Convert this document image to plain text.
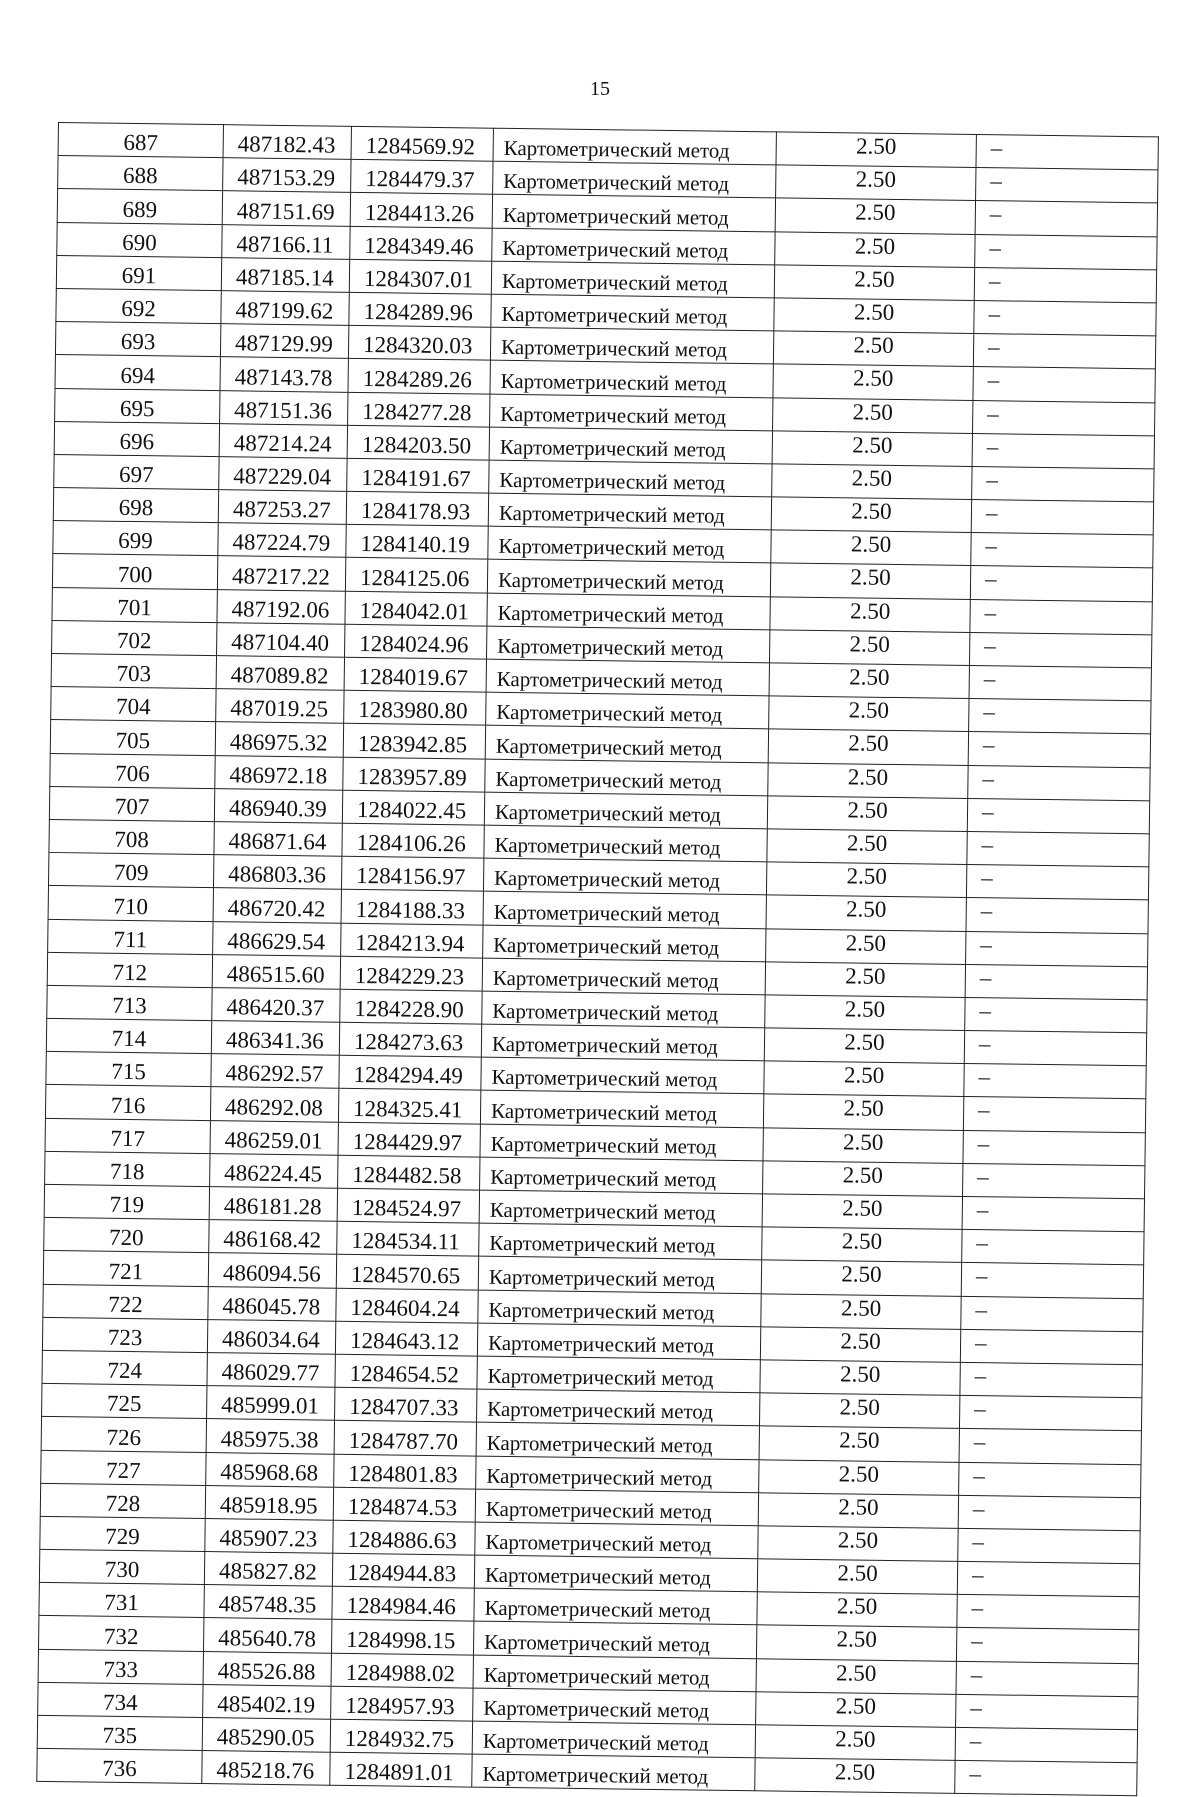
15
687	487182.43	1284569.92	Картометрический метод	2.50	–
688	487153.29	1284479.37	Картометрический метод	2.50	–
689	487151.69	1284413.26	Картометрический метод	2.50	–
690	487166.11	1284349.46	Картометрический метод	2.50	–
691	487185.14	1284307.01	Картометрический метод	2.50	–
692	487199.62	1284289.96	Картометрический метод	2.50	–
693	487129.99	1284320.03	Картометрический метод	2.50	–
694	487143.78	1284289.26	Картометрический метод	2.50	–
695	487151.36	1284277.28	Картометрический метод	2.50	–
696	487214.24	1284203.50	Картометрический метод	2.50	–
697	487229.04	1284191.67	Картометрический метод	2.50	–
698	487253.27	1284178.93	Картометрический метод	2.50	–
699	487224.79	1284140.19	Картометрический метод	2.50	–
700	487217.22	1284125.06	Картометрический метод	2.50	–
701	487192.06	1284042.01	Картометрический метод	2.50	–
702	487104.40	1284024.96	Картометрический метод	2.50	–
703	487089.82	1284019.67	Картометрический метод	2.50	–
704	487019.25	1283980.80	Картометрический метод	2.50	–
705	486975.32	1283942.85	Картометрический метод	2.50	–
706	486972.18	1283957.89	Картометрический метод	2.50	–
707	486940.39	1284022.45	Картометрический метод	2.50	–
708	486871.64	1284106.26	Картометрический метод	2.50	–
709	486803.36	1284156.97	Картометрический метод	2.50	–
710	486720.42	1284188.33	Картометрический метод	2.50	–
711	486629.54	1284213.94	Картометрический метод	2.50	–
712	486515.60	1284229.23	Картометрический метод	2.50	–
713	486420.37	1284228.90	Картометрический метод	2.50	–
714	486341.36	1284273.63	Картометрический метод	2.50	–
715	486292.57	1284294.49	Картометрический метод	2.50	–
716	486292.08	1284325.41	Картометрический метод	2.50	–
717	486259.01	1284429.97	Картометрический метод	2.50	–
718	486224.45	1284482.58	Картометрический метод	2.50	–
719	486181.28	1284524.97	Картометрический метод	2.50	–
720	486168.42	1284534.11	Картометрический метод	2.50	–
721	486094.56	1284570.65	Картометрический метод	2.50	–
722	486045.78	1284604.24	Картометрический метод	2.50	–
723	486034.64	1284643.12	Картометрический метод	2.50	–
724	486029.77	1284654.52	Картометрический метод	2.50	–
725	485999.01	1284707.33	Картометрический метод	2.50	–
726	485975.38	1284787.70	Картометрический метод	2.50	–
727	485968.68	1284801.83	Картометрический метод	2.50	–
728	485918.95	1284874.53	Картометрический метод	2.50	–
729	485907.23	1284886.63	Картометрический метод	2.50	–
730	485827.82	1284944.83	Картометрический метод	2.50	–
731	485748.35	1284984.46	Картометрический метод	2.50	–
732	485640.78	1284998.15	Картометрический метод	2.50	–
733	485526.88	1284988.02	Картометрический метод	2.50	–
734	485402.19	1284957.93	Картометрический метод	2.50	–
735	485290.05	1284932.75	Картометрический метод	2.50	–
736	485218.76	1284891.01	Картометрический метод	2.50	–
